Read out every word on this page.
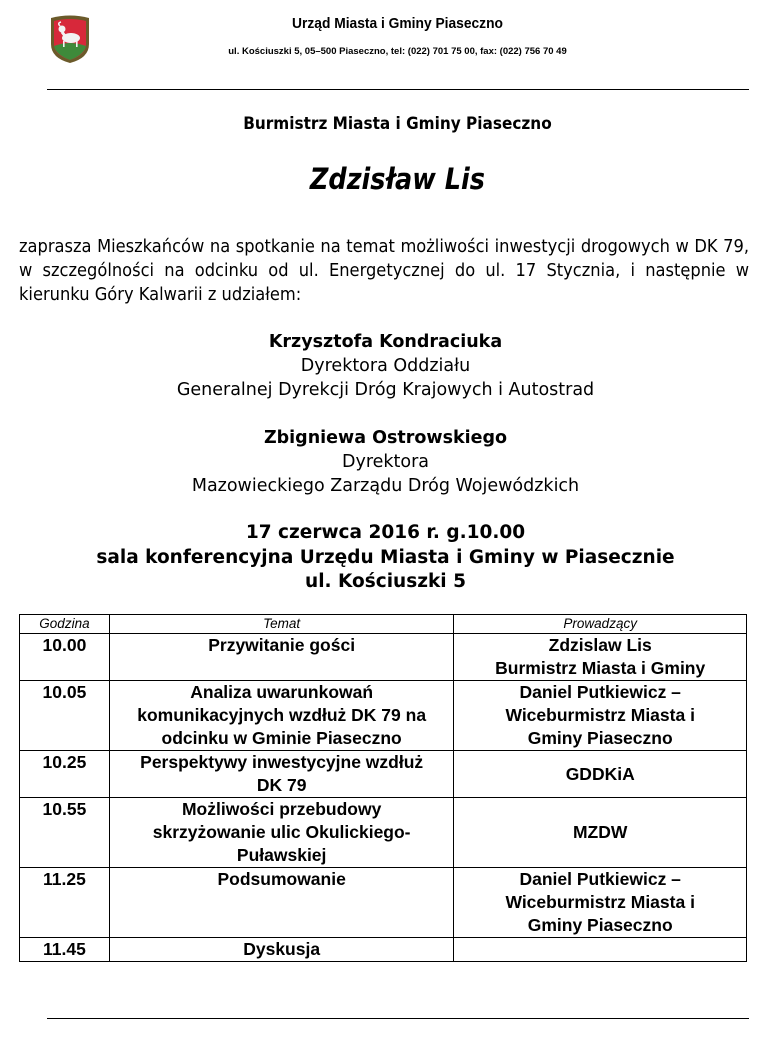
Urząd Miasta i Gminy Piaseczno
ul. Kościuszki 5, 05–500 Piaseczno, tel: (022) 701 75 00, fax: (022) 756 70 49
Burmistrz Miasta i Gminy Piaseczno
Zdzisław Lis
zaprasza Mieszkańców na spotkanie na temat możliwości inwestycji drogowych w DK 79, w szczególności na odcinku od ul. Energetycznej do ul. 17 Stycznia, i następnie w kierunku Góry Kalwarii z udziałem:
Krzysztofa Kondraciuka
Dyrektora Oddziału
Generalnej Dyrekcji Dróg Krajowych i Autostrad
Zbigniewa Ostrowskiego
Dyrektora
Mazowieckiego Zarządu Dróg Wojewódzkich
17 czerwca 2016 r. g.10.00
sala konferencyjna Urzędu Miasta i Gminy w Piasecznie
ul. Kościuszki 5
Godzina	Temat	Prowadzący
10.00	Przywitanie gości	Zdzislaw Lis
Burmistrz Miasta i Gminy

10.05	Analiza uwarunkowań
komunikacyjnych wzdłuż DK 79 na
odcinku w Gminie Piaseczno	Daniel Putkiewicz –
Wiceburmistrz Miasta i
Gminy Piaseczno

10.25	Perspektywy inwestycyjne wzdłuż
DK 79	GDDKiA

10.55	Możliwości przebudowy
skrzyżowanie ulic Okulickiego-
Puławskiej	MZDW

11.25	Podsumowanie	Daniel Putkiewicz –
Wiceburmistrz Miasta i
Gminy Piaseczno

11.45	Dyskusja	
